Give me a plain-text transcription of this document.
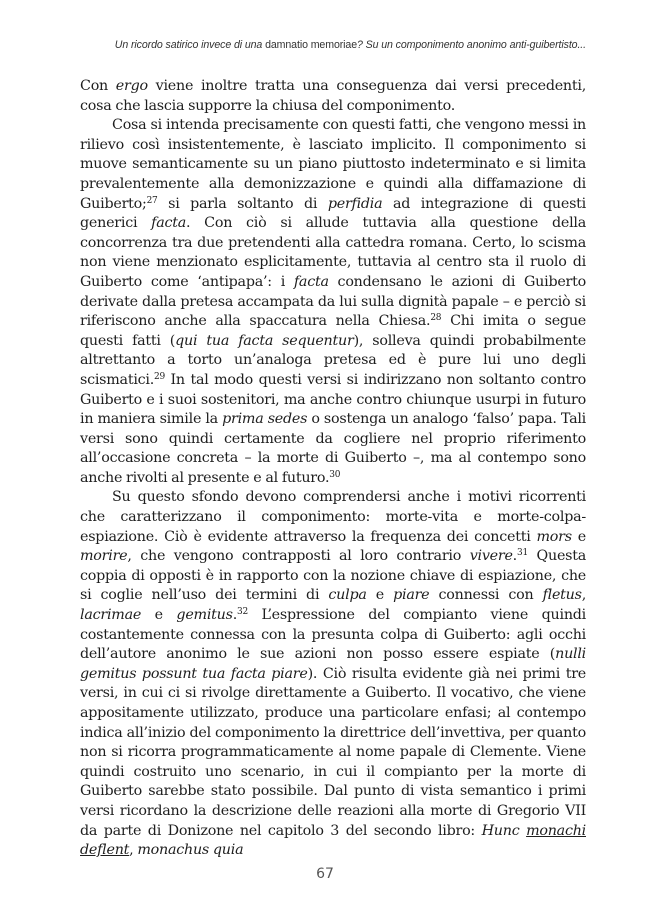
Un ricordo satirico invece di una damnatio memoriae? Su un componimento anonimo anti-guibertisto...

Con ergo viene inoltre tratta una conseguenza dai versi precedenti, cosa che lascia supporre la chiusa del componimento.

Cosa si intenda precisamente con questi fatti, che vengono messi in rilievo così insistentemente, è lasciato implicito. Il componimento si muove semanticamente su un piano piuttosto indeterminato e si limita prevalentemente alla demonizzazione e quindi alla diffamazione di Guiberto;$^{27}$ si parla soltanto di perfidia ad integrazione di questi generici facta. Con ciò si allude tuttavia alla questione della concorrenza tra due pretendenti alla cattedra romana. Certo, lo scisma non viene menzionato esplicitamente, tuttavia al centro sta il ruolo di Guiberto come ‘antipapa’: i facta condensano le azioni di Guiberto derivate dalla pretesa accampata da lui sulla dignità papale – e perciò si riferiscono anche alla spaccatura nella Chiesa.$^{28}$ Chi imita o segue questi fatti (qui tua facta sequentur), solleva quindi probabilmente altrettanto a torto un’analoga pretesa ed è pure lui uno degli scismatici.$^{29}$ In tal modo questi versi si indirizzano non soltanto contro Guiberto e i suoi sostenitori, ma anche contro chiunque usurpi in futuro in maniera simile la prima sedes o sostenga un analogo ‘falso’ papa. Tali versi sono quindi certamente da cogliere nel proprio riferimento all’occasione concreta – la morte di Guiberto –, ma al contempo sono anche rivolti al presente e al futuro.$^{30}$

Su questo sfondo devono comprendersi anche i motivi ricorrenti che caratterizzano il componimento: morte-vita e morte-colpa-espiazione. Ciò è evidente attraverso la frequenza dei concetti mors e morire, che vengono contrapposti al loro contrario vivere.$^{31}$ Questa coppia di opposti è in rapporto con la nozione chiave di espiazione, che si coglie nell’uso dei termini di culpa e piare connessi con fletus, lacrimae e gemitus.$^{32}$ L’espressione del compianto viene quindi costantemente connessa con la presunta colpa di Guiberto: agli occhi dell’autore anonimo le sue azioni non posso essere espiate (nulli gemitus possunt tua facta piare). Ciò risulta evidente già nei primi tre versi, in cui ci si rivolge direttamente a Guiberto. Il vocativo, che viene appositamente utilizzato, produce una particolare enfasi; al contempo indica all’inizio del componimento la direttrice dell’invettiva, per quanto non si ricorra programmaticamente al nome papale di Clemente. Viene quindi costruito uno scenario, in cui il compianto per la morte di Guiberto sarebbe stato possibile. Dal punto di vista semantico i primi versi ricordano la descrizione delle reazioni alla morte di Gregorio VII da parte di Donizone nel capitolo 3 del secondo libro: Hunc monachi deflent, monachus quia

67
